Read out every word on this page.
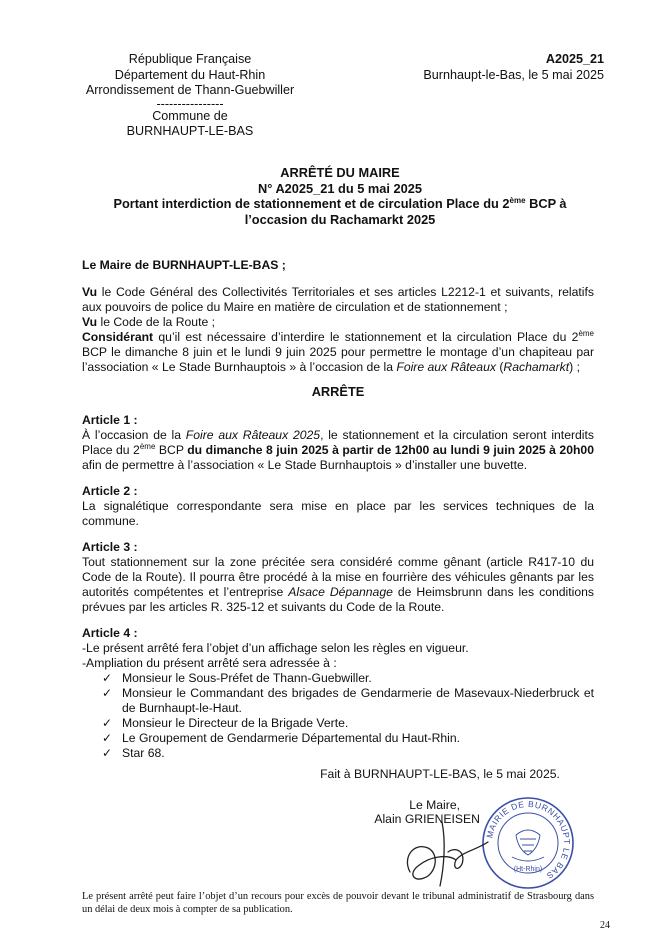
République Française
Département du Haut-Rhin
Arrondissement de Thann-Guebwiller
----------------
Commune de
BURNHAUPT-LE-BAS
A2025_21
Burnhaupt-le-Bas, le 5 mai 2025
ARRÊTÉ DU MAIRE
N° A2025_21 du 5 mai 2025
Portant interdiction de stationnement et de circulation Place du 2ème BCP à
l’occasion du Rachamarkt 2025
Le Maire de BURNHAUPT-LE-BAS ;
Vu le Code Général des Collectivités Territoriales et ses articles L2212-1 et suivants, relatifs aux pouvoirs de police du Maire en matière de circulation et de stationnement ;
Vu le Code de la Route ;
Considérant qu’il est nécessaire d’interdire le stationnement et la circulation Place du 2ème BCP le dimanche 8 juin et le lundi 9 juin 2025 pour permettre le montage d’un chapiteau par l’association « Le Stade Burnhauptois » à l’occasion de la Foire aux Râteaux (Rachamarkt) ;
ARRÊTE
Article 1 :
À l’occasion de la Foire aux Râteaux 2025, le stationnement et la circulation seront interdits Place du 2ème BCP du dimanche 8 juin 2025 à partir de 12h00 au lundi 9 juin 2025 à 20h00 afin de permettre à l’association « Le Stade Burnhauptois » d’installer une buvette.
Article 2 :
La signalétique correspondante sera mise en place par les services techniques de la commune.
Article 3 :
Tout stationnement sur la zone précitée sera considéré comme gênant (article R417-10 du Code de la Route). Il pourra être procédé à la mise en fourrière des véhicules gênants par les autorités compétentes et l’entreprise Alsace Dépannage de Heimsbrunn dans les conditions prévues par les articles R. 325-12 et suivants du Code de la Route.
Article 4 :
-Le présent arrêté fera l’objet d’un affichage selon les règles en vigueur.
-Ampliation du présent arrêté sera adressée à :
✓ Monsieur le Sous-Préfet de Thann-Guebwiller.
✓ Monsieur le Commandant des brigades de Gendarmerie de Masevaux-Niederbruck et de Burnhaupt-le-Haut.
✓ Monsieur le Directeur de la Brigade Verte.
✓ Le Groupement de Gendarmerie Départemental du Haut-Rhin.
✓ Star 68.
Fait à BURNHAUPT-LE-BAS, le 5 mai 2025.
MAIRIE DE BURNHAUPT LE BAS
(Ht-Rhin)
Le Maire,
Alain GRIENEISEN
Le présent arrêté peut faire l’objet d’un recours pour excès de pouvoir devant le tribunal administratif de Strasbourg dans un délai de deux mois à compter de sa publication.
24
